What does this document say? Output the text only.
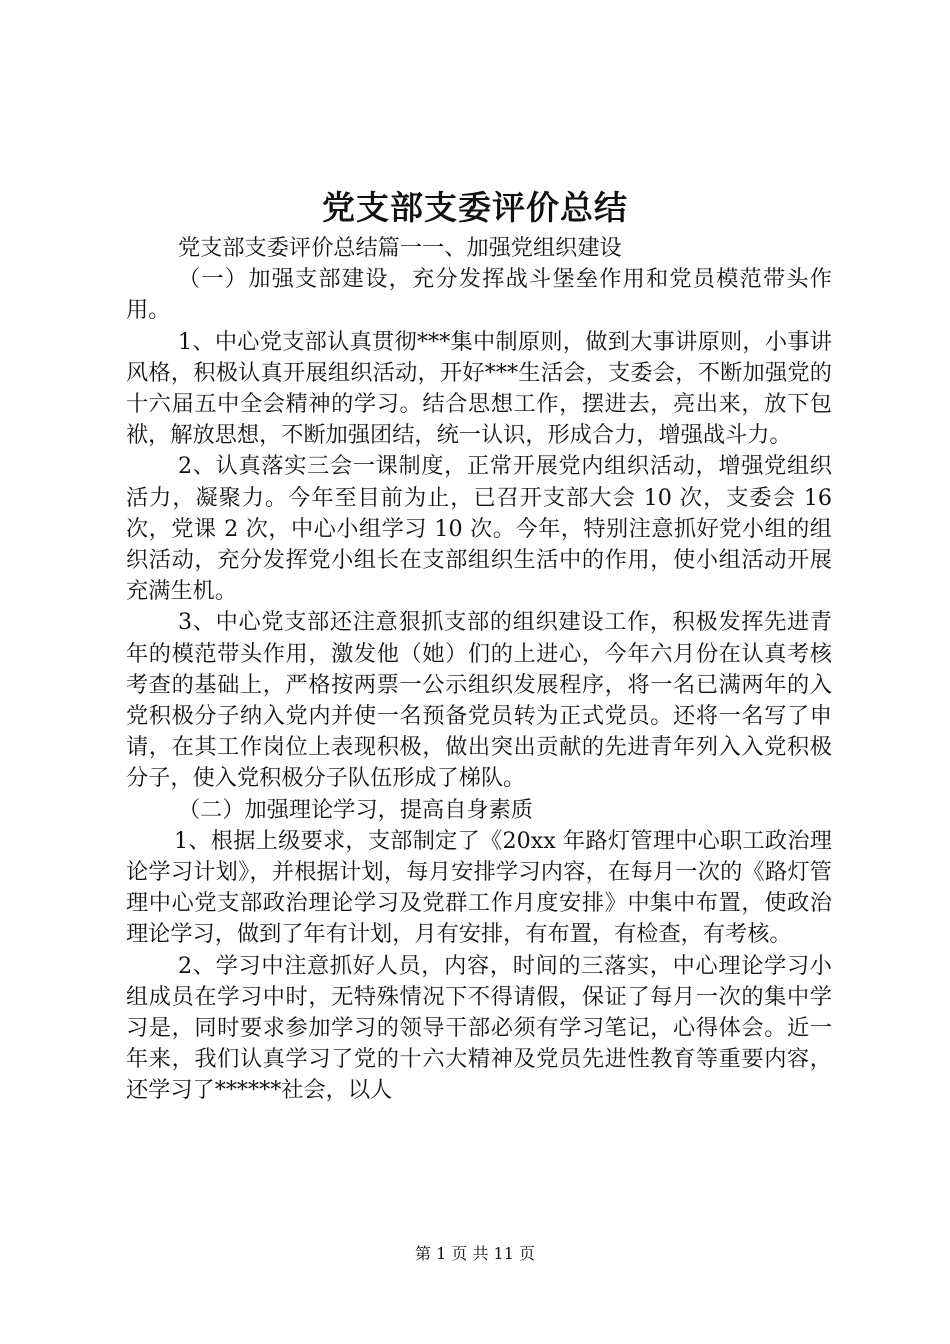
党支部支委评价总结

党支部支委评价总结篇一一、加强党组织建设

（一）加强支部建设，充分发挥战斗堡垒作用和党员模范带头作用。

1、中心党支部认真贯彻***集中制原则，做到大事讲原则，小事讲风格，积极认真开展组织活动，开好***生活会，支委会，不断加强党的十六届五中全会精神的学习。结合思想工作，摆进去，亮出来，放下包袱，解放思想，不断加强团结，统一认识，形成合力，增强战斗力。

2、认真落实三会一课制度，正常开展党内组织活动，增强党组织活力，凝聚力。今年至目前为止，已召开支部大会 10 次，支委会 16 次，党课 2 次，中心小组学习 10 次。今年，特别注意抓好党小组的组织活动，充分发挥党小组长在支部组织生活中的作用，使小组活动开展充满生机。

3、中心党支部还注意狠抓支部的组织建设工作，积极发挥先进青年的模范带头作用，激发他（她）们的上进心，今年六月份在认真考核考查的基础上，严格按两票一公示组织发展程序，将一名已满两年的入党积极分子纳入党内并使一名预备党员转为正式党员。还将一名写了申请，在其工作岗位上表现积极，做出突出贡献的先进青年列入入党积极分子，使入党积极分子队伍形成了梯队。

（二）加强理论学习，提高自身素质

1、根据上级要求，支部制定了《20xx 年路灯管理中心职工政治理论学习计划》，并根据计划，每月安排学习内容，在每月一次的《路灯管理中心党支部政治理论学习及党群工作月度安排》中集中布置，使政治理论学习，做到了年有计划，月有安排，有布置，有检查，有考核。

2、学习中注意抓好人员，内容，时间的三落实，中心理论学习小组成员在学习中时，无特殊情况下不得请假，保证了每月一次的集中学习是，同时要求参加学习的领导干部必须有学习笔记，心得体会。近一年来，我们认真学习了党的十六大精神及党员先进性教育等重要内容，还学习了******社会，以人

第 1 页 共 11 页
